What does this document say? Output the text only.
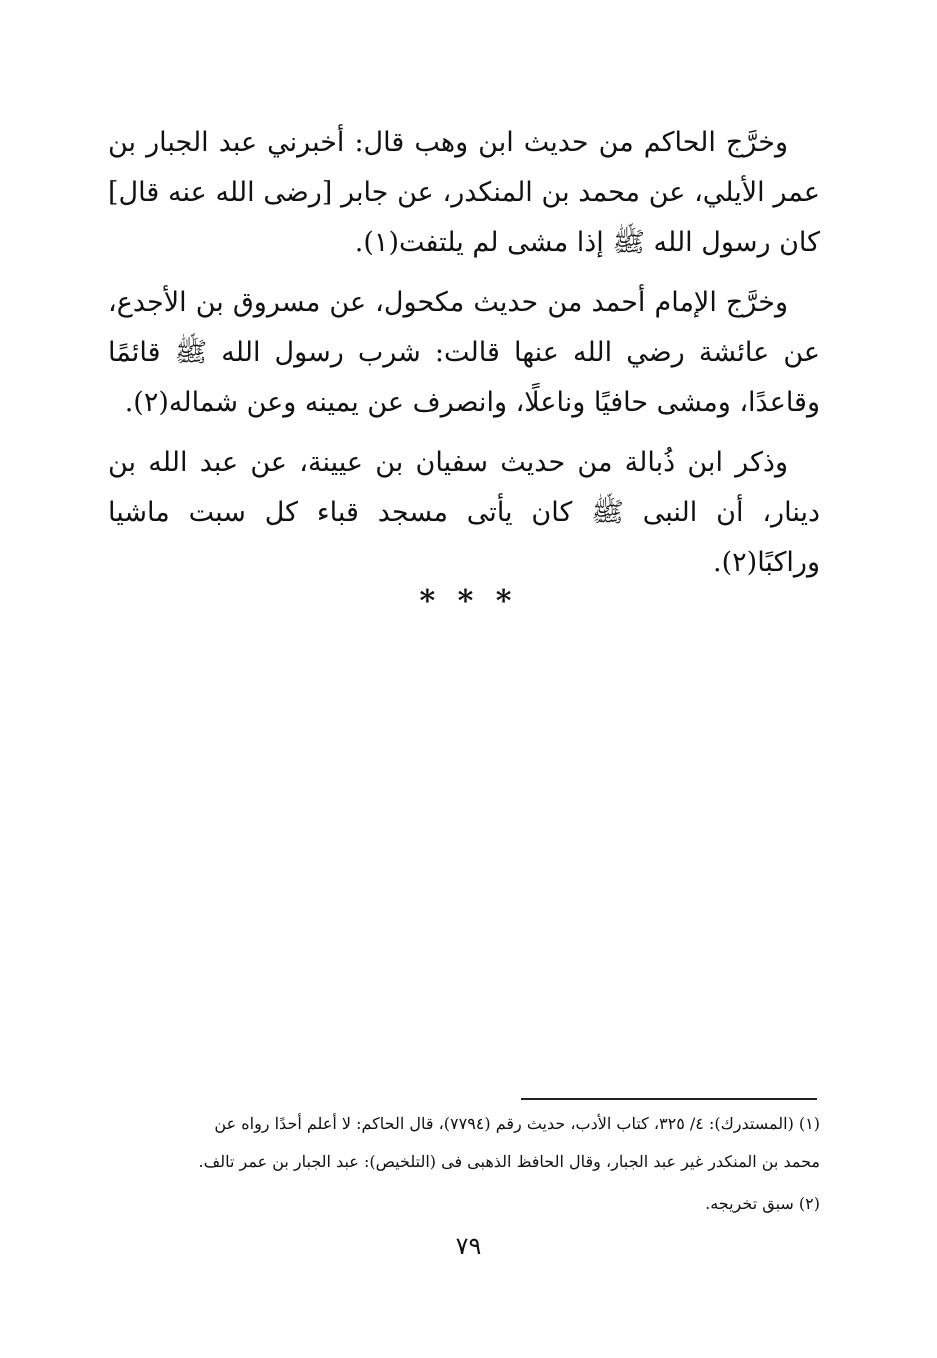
وخرَّج الحاكم من حديث ابن وهب قال: أخبرني عبد الجبار بن عمر الأيلي، عن محمد بن المنكدر، عن جابر [رضى الله عنه قال] كان رسول الله ﷺ إذا مشى لم يلتفت(١).

وخرَّج الإمام أحمد من حديث مكحول، عن مسروق بن الأجدع، عن عائشة رضي الله عنها قالت: شرب رسول الله ﷺ قائمًا وقاعدًا، ومشى حافيًا وناعلًا، وانصرف عن يمينه وعن شماله(٢).

وذكر ابن ذُبالة من حديث سفيان بن عيينة، عن عبد الله بن دينار، أن النبى ﷺ كان يأتى مسجد قباء كل سبت ماشيا وراكبًا(٢).

* * *

(١) (المستدرك): ٤/ ٣٢٥، كتاب الأدب، حديث رقم (٧٧٩٤)، قال الحاكم: لا أعلم أحدًا رواه عن

محمد بن المنكدر غير عبد الجبار، وقال الحافظ الذهبى فى (التلخيص): عبد الجبار بن عمر تالف.

(٢) سبق تخريجه.

٧٩
